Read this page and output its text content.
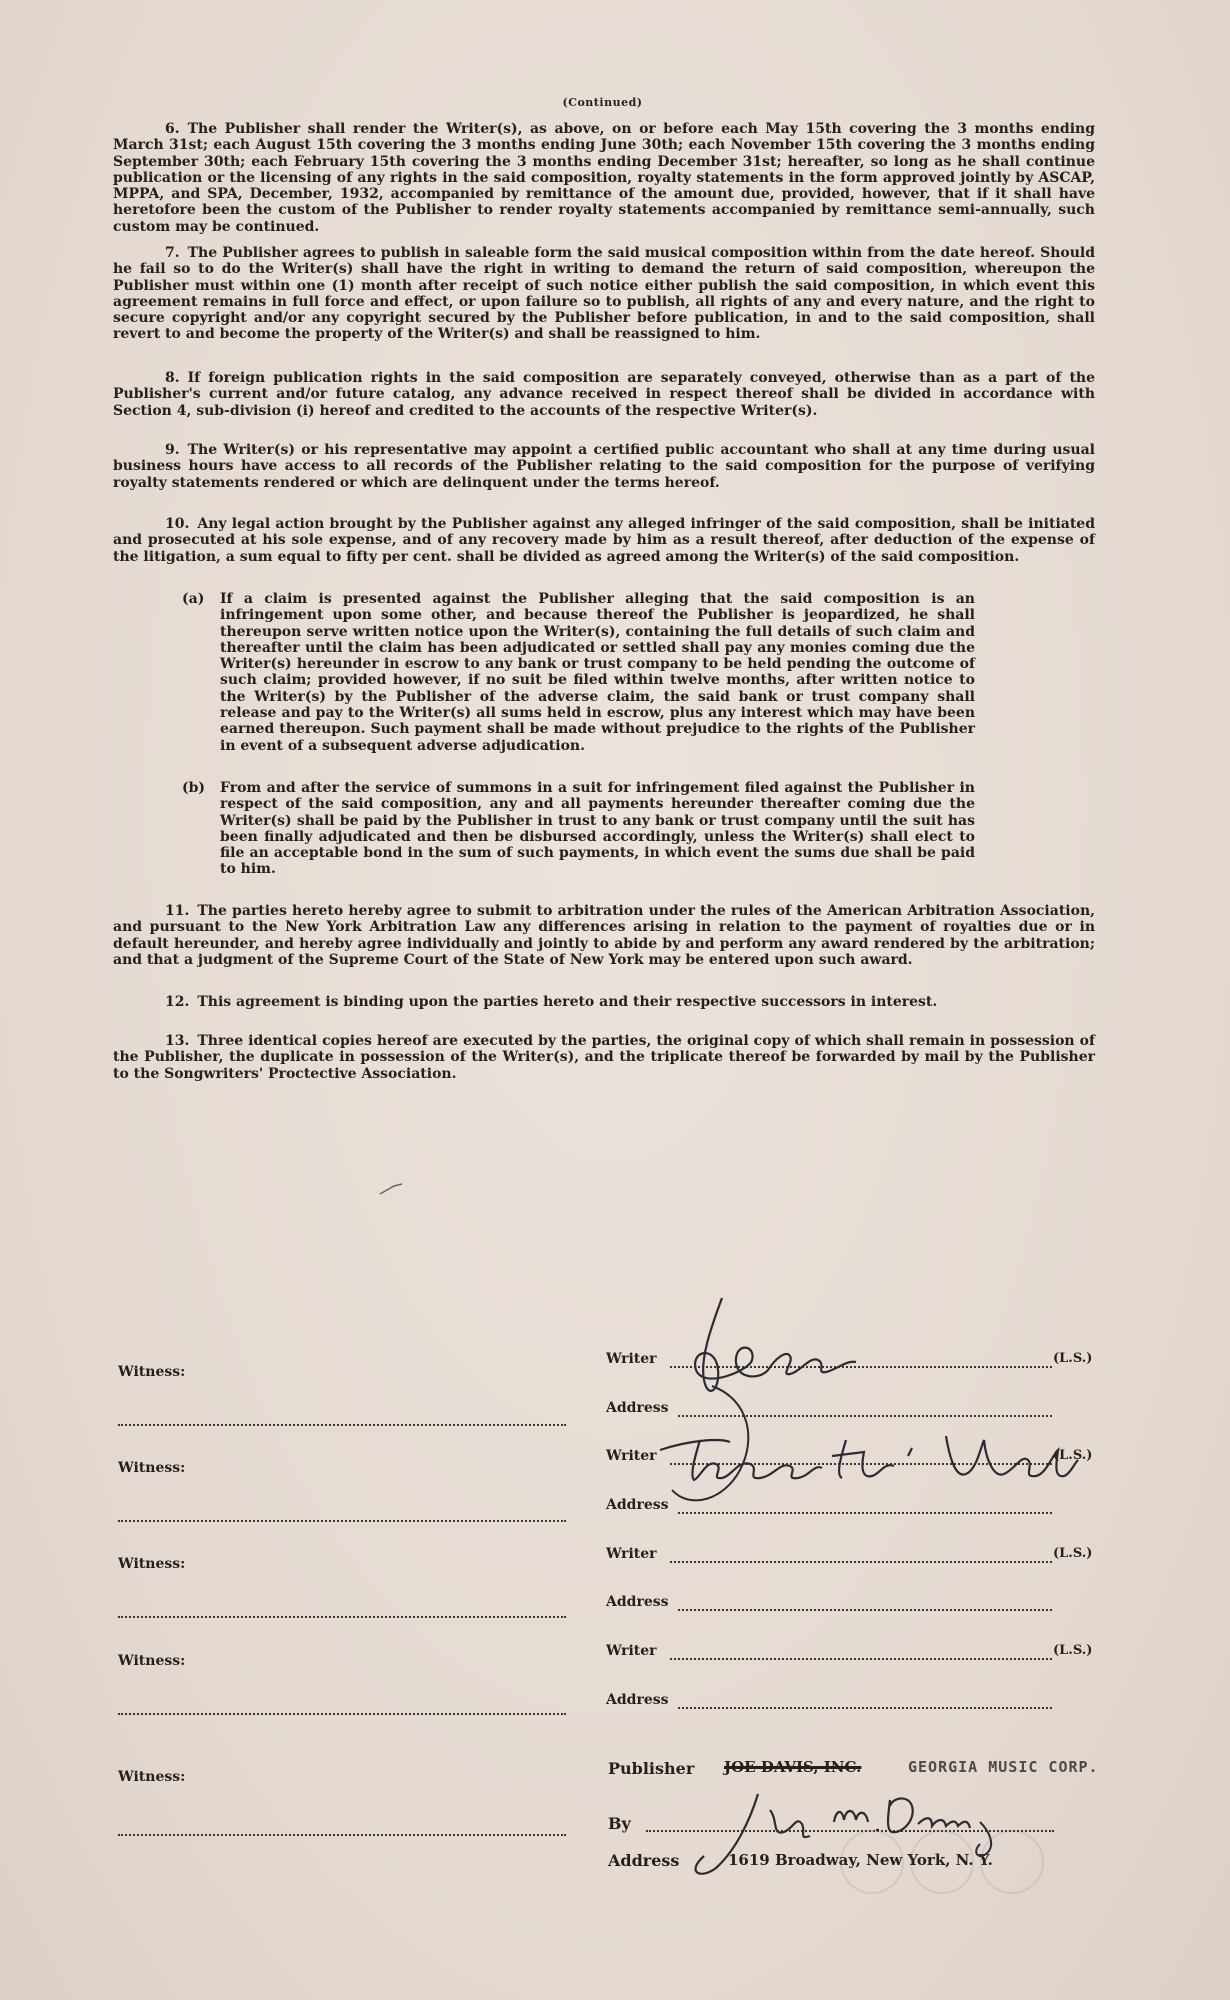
(Continued)
6. The Publisher shall render the Writer(s), as above, on or before each May 15th covering the 3 months ending March 31st; each August 15th covering the 3 months ending June 30th; each November 15th covering the 3 months ending September 30th; each February 15th covering the 3 months ending December 31st; hereafter, so long as he shall continue publication or the licensing of any rights in the said composition, royalty statements in the form approved jointly by ASCAP, MPPA, and SPA, December, 1932, accompanied by remittance of the amount due, provided, however, that if it shall have heretofore been the custom of the Publisher to render royalty statements accompanied by remittance semi-annually, such custom may be continued.
7. The Publisher agrees to publish in saleable form the said musical composition within from the date hereof. Should he fail so to do the Writer(s) shall have the right in writing to demand the return of said composition, whereupon the Publisher must within one (1) month after receipt of such notice either publish the said composition, in which event this agreement remains in full force and effect, or upon failure so to publish, all rights of any and every nature, and the right to secure copyright and/or any copyright secured by the Publisher before publication, in and to the said composition, shall revert to and become the property of the Writer(s) and shall be reassigned to him.
8. If foreign publication rights in the said composition are separately conveyed, otherwise than as a part of the Publisher's current and/or future catalog, any advance received in respect thereof shall be divided in accordance with Section 4, sub-division (i) hereof and credited to the accounts of the respective Writer(s).
9. The Writer(s) or his representative may appoint a certified public accountant who shall at any time during usual business hours have access to all records of the Publisher relating to the said composition for the purpose of verifying royalty statements rendered or which are delinquent under the terms hereof.
10. Any legal action brought by the Publisher against any alleged infringer of the said composition, shall be initiated and prosecuted at his sole expense, and of any recovery made by him as a result thereof, after deduction of the expense of the litigation, a sum equal to fifty per cent. shall be divided as agreed among the Writer(s) of the said composition.
(a) If a claim is presented against the Publisher alleging that the said composition is an infringement upon some other, and because thereof the Publisher is jeopardized, he shall thereupon serve written notice upon the Writer(s), containing the full details of such claim and thereafter until the claim has been adjudicated or settled shall pay any monies coming due the Writer(s) hereunder in escrow to any bank or trust company to be held pending the outcome of such claim; provided however, if no suit be filed within twelve months, after written notice to the Writer(s) by the Publisher of the adverse claim, the said bank or trust company shall release and pay to the Writer(s) all sums held in escrow, plus any interest which may have been earned thereupon. Such payment shall be made without prejudice to the rights of the Publisher in event of a subsequent adverse adjudication.
(b) From and after the service of summons in a suit for infringement filed against the Publisher in respect of the said composition, any and all payments hereunder thereafter coming due the Writer(s) shall be paid by the Publisher in trust to any bank or trust company until the suit has been finally adjudicated and then be disbursed accordingly, unless the Writer(s) shall elect to file an acceptable bond in the sum of such payments, in which event the sums due shall be paid to him.
11. The parties hereto hereby agree to submit to arbitration under the rules of the American Arbitration Association, and pursuant to the New York Arbitration Law any differences arising in relation to the payment of royalties due or in default hereunder, and hereby agree individually and jointly to abide by and perform any award rendered by the arbitration; and that a judgment of the Supreme Court of the State of New York may be entered upon such award.
12. This agreement is binding upon the parties hereto and their respective successors in interest.
13. Three identical copies hereof are executed by the parties, the original copy of which shall remain in possession of the Publisher, the duplicate in possession of the Writer(s), and the triplicate thereof be forwarded by mail by the Publisher to the Songwriters' Proctective Association.
Witness:
Witness:
Witness:
Witness:
Witness:
Writer	(L.S.)
Address
Writer	(L.S.)
Address
Writer	(L.S.)
Address
Writer	(L.S.)
Address
Publisher JOE DAVIS, INC.	GEORGIA MUSIC CORP.
By
Address	1619 Broadway, New York, N. Y.
